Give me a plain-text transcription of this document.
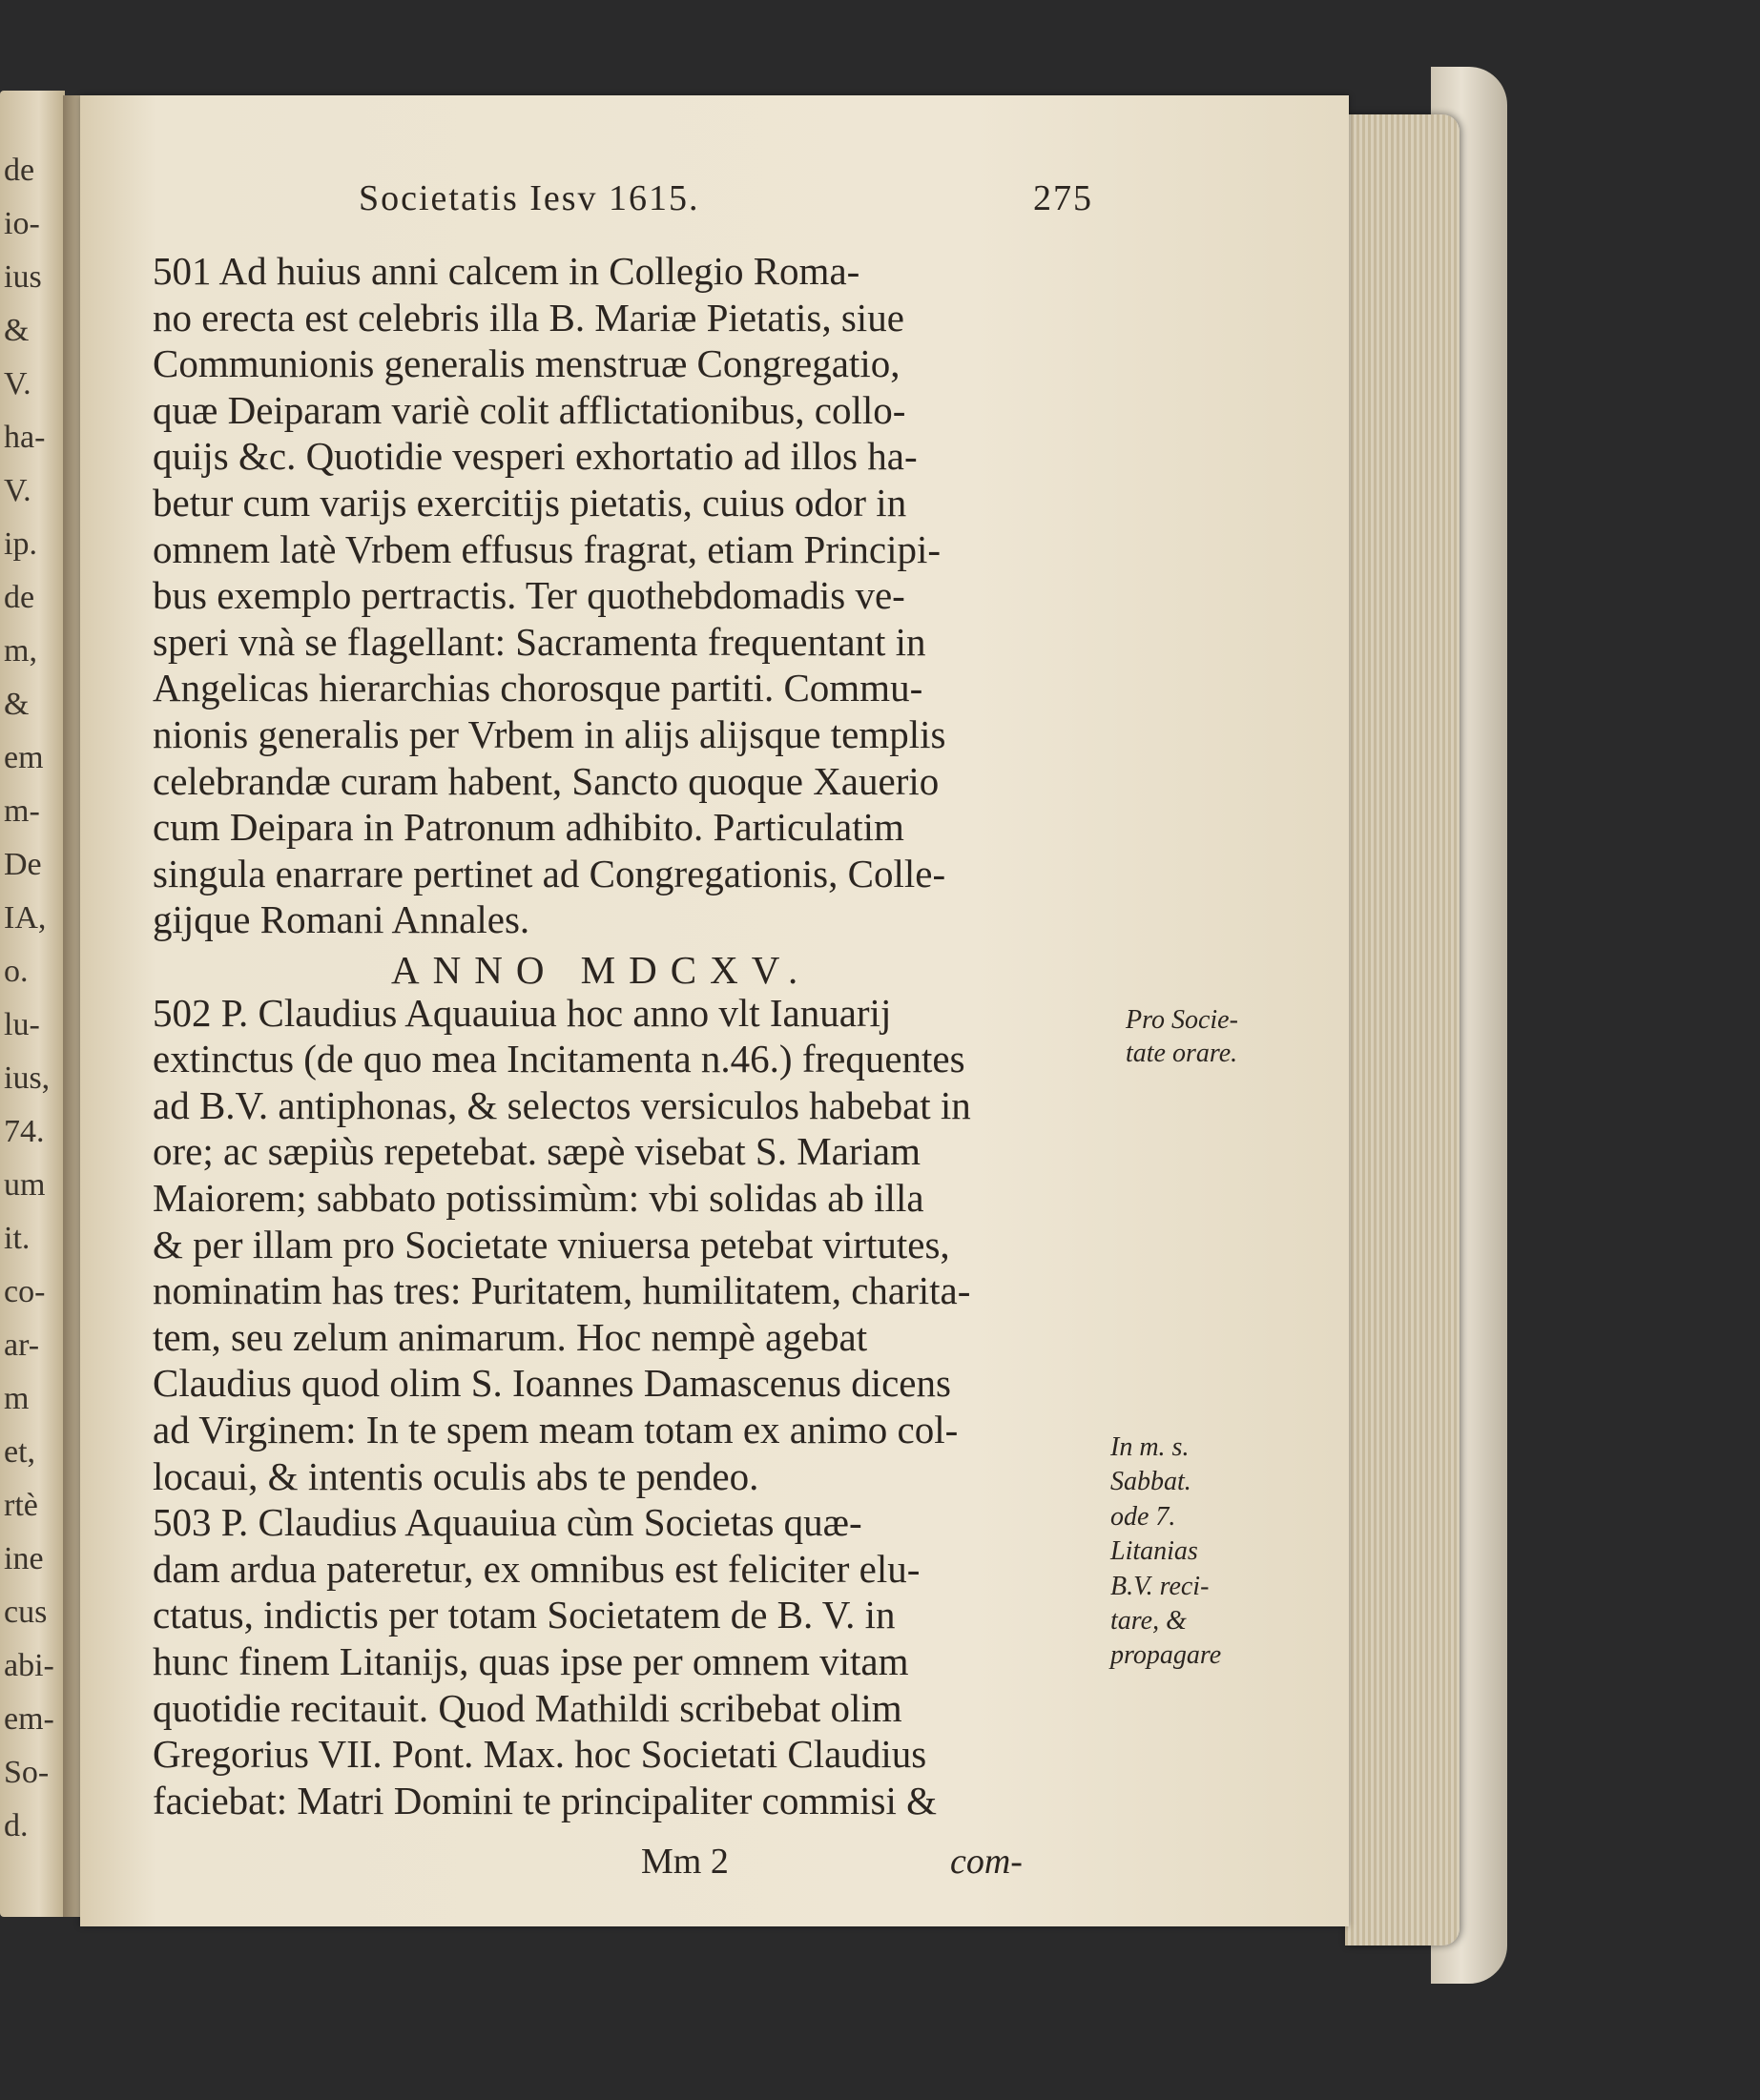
de
io-
ius
&
V.
ha-
V.
ip.
de
m,
&
em
m-
De
IA,
o.
lu-
ius,
74.
um
it.
co-
ar-
m
et,
rtè
ine
cus
abi-
em-
So-
d.
Societatis Iesv 1615.	275
501 Ad huius anni calcem in Collegio Roma-
no erecta est celebris illa B. Mariæ Pietatis, siue
Communionis generalis menstruæ Congregatio,
quæ Deiparam variè colit afflictationibus, collo-
quijs &c. Quotidie vesperi exhortatio ad illos ha-
betur cum varijs exercitijs pietatis, cuius odor in
omnem latè Vrbem effusus fragrat, etiam Principi-
bus exemplo pertractis. Ter quothebdomadis ve-
speri vnà se flagellant: Sacramenta frequentant in
Angelicas hierarchias chorosque partiti. Commu-
nionis generalis per Vrbem in alijs alijsque templis
celebrandæ curam habent, Sancto quoque Xauerio
cum Deipara in Patronum adhibito. Particulatim
singula enarrare pertinet ad Congregationis, Colle-
gijque Romani Annales.
ANNO MDCXV.
502 P. Claudius Aquauiua hoc anno vlt Ianuarij
extinctus (de quo mea Incitamenta n.46.) frequentes
ad B.V. antiphonas, & selectos versiculos habebat in
ore; ac sæpiùs repetebat. sæpè visebat S. Mariam
Maiorem; sabbato potissimùm: vbi solidas ab illa
& per illam pro Societate vniuersa petebat virtutes,
nominatim has tres: Puritatem, humilitatem, charita-
tem, seu zelum animarum. Hoc nempè agebat
Claudius quod olim S. Ioannes Damascenus dicens
ad Virginem: In te spem meam totam ex animo col-
locaui, & intentis oculis abs te pendeo.
503 P. Claudius Aquauiua cùm Societas quæ-
dam ardua pateretur, ex omnibus est feliciter elu-
ctatus, indictis per totam Societatem de B. V. in
hunc finem Litanijs, quas ipse per omnem vitam
quotidie recitauit. Quod Mathildi scribebat olim
Gregorius VII. Pont. Max. hoc Societati Claudius
faciebat: Matri Domini te principaliter commisi &
Pro Socie-
tate orare.
In m. s.
Sabbat.
ode 7.
Litanias
B.V. reci-
tare, &
propagare
Mm 2	com-
